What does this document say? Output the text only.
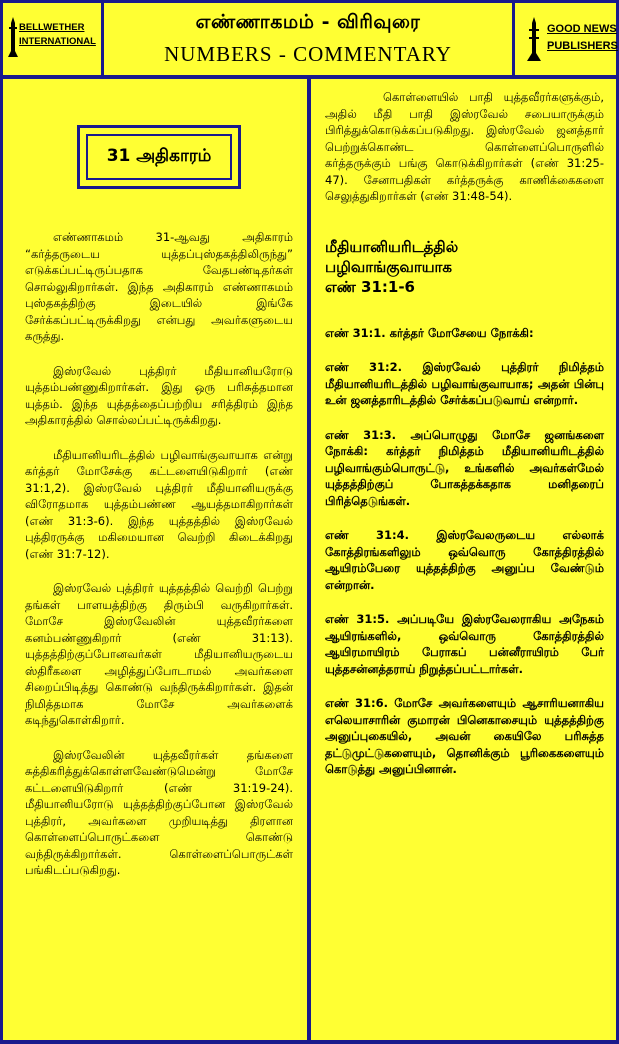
BELLWETHER
INTERNATIONAL
எண்ணாகமம் - விரிவுரை
NUMBERS - COMMENTARY
GOOD NEWS
PUBLISHERS
31 அதிகாரம்

எண்ணாகமம் 31-ஆவது அதிகாரம் “கர்த்தருடைய யுத்தப்புஸ்தகத்திலிருந்து” எடுக்கப்பட்டிருப்பதாக வேதபண்டிதர்கள் சொல்லுகிறார்கள். இந்த அதிகாரம் எண்ணாகமம் புஸ்தகத்திற்கு இடையில் இங்கே சேர்க்கப்பட்டிருக்கிறது என்பது அவர்களுடைய கருத்து.

இஸ்ரவேல் புத்திரர் மீதியானியரோடு யுத்தம்பண்ணுகிறார்கள். இது ஒரு பரிசுத்தமான யுத்தம். இந்த யுத்தத்தைப்பற்றிய சரித்திரம் இந்த அதிகாரத்தில் சொல்லப்பட்டிருக்கிறது.

மீதியானியரிடத்தில் பழிவாங்குவாயாக என்று கர்த்தர் மோசேக்கு கட்டளையிடுகிறார் (எண் 31:1,2). இஸ்ரவேல் புத்திரர் மீதியானியருக்கு விரோதமாக யுத்தம்பண்ண ஆயத்தமாகிறார்கள் (எண் 31:3-6). இந்த யுத்தத்தில் இஸ்ரவேல் புத்திரருக்கு மகிமையான வெற்றி கிடைக்கிறது (எண் 31:7-12).

இஸ்ரவேல் புத்திரர் யுத்தத்தில் வெற்றி பெற்று தங்கள் பாளயத்திற்கு திரும்பி வருகிறார்கள். மோசே இஸ்ரவேலின் யுத்தவீரர்களை கனம்பண்ணுகிறார் (எண் 31:13). யுத்தத்திற்குப்போனவர்கள் மீதியானியருடைய ஸ்திரீகளை அழித்துப்போடாமல் அவர்களை சிறைப்பிடித்து கொண்டு வந்திருக்கிறார்கள். இதன் நிமித்தமாக மோசே அவர்களைக் கடிந்துகொள்கிறார்.

இஸ்ரவேலின் யுத்தவீரர்கள் தங்களை சுத்திகரித்துக்கொள்ளவேண்டுமென்று மோசே கட்டளையிடுகிறார் (எண் 31:19-24). மீதியானியரோடு யுத்தத்திற்குப்போன இஸ்ரவேல் புத்திரர், அவர்களை முறியடித்து திரளான கொள்ளைப்பொருட்களை கொண்டு வந்திருக்கிறார்கள். கொள்ளைப்பொருட்கள் பங்கிடப்படுகிறது.

கொள்ளையில் பாதி யுத்தவீரர்களுக்கும், அதில் மீதி பாதி இஸ்ரவேல் சபையாருக்கும் பிரித்துக்கொடுக்கப்படுகிறது. இஸ்ரவேல் ஜனத்தார் பெற்றுக்கொண்ட கொள்ளைப்பொருளில் கர்த்தருக்கும் பங்கு கொடுக்கிறார்கள் (எண் 31:25-47). சேனாபதிகள் கர்த்தருக்கு காணிக்கைகளை செலுத்துகிறார்கள் (எண் 31:48-54).

மீதியானியரிடத்தில்
பழிவாங்குவாயாக
எண் 31:1-6

எண் 31:1. கர்த்தர் மோசேயை நோக்கி:

எண் 31:2. இஸ்ரவேல் புத்திரர் நிமித்தம் மீதியானியரிடத்தில் பழிவாங்குவாயாக; அதன் பின்பு உன் ஜனத்தாரிடத்தில் சேர்க்கப்படுவாய் என்றார்.

எண் 31:3. அப்பொழுது மோசே ஜனங்களை நோக்கி: கர்த்தர் நிமித்தம் மீதியானியரிடத்தில் பழிவாங்கும்பொருட்டு, உங்களில் அவர்கள்மேல் யுத்தத்திற்குப் போகத்தக்கதாக மனிதரைப் பிரித்தெடுங்கள்.

எண் 31:4. இஸ்ரவேலருடைய எல்லாக் கோத்திரங்களிலும் ஒவ்வொரு கோத்திரத்தில் ஆயிரம்பேரை யுத்தத்திற்கு அனுப்ப வேண்டும் என்றான்.

எண் 31:5. அப்படியே இஸ்ரவேலராகிய அநேகம் ஆயிரங்களில், ஒவ்வொரு கோத்திரத்தில் ஆயிரமாயிரம் பேராகப் பன்னீராயிரம் பேர் யுத்தசன்னத்தராய் நிறுத்தப்பட்டார்கள்.

எண் 31:6. மோசே அவர்களையும் ஆசாரியனாகிய எலெயாசாரின் குமாரன் பினெகாசையும் யுத்தத்திற்கு அனுப்புகையில், அவன் கையிலே பரிசுத்த தட்டுமுட்டுகளையும், தொனிக்கும் பூரிகைகளையும் கொடுத்து அனுப்பினான்.
